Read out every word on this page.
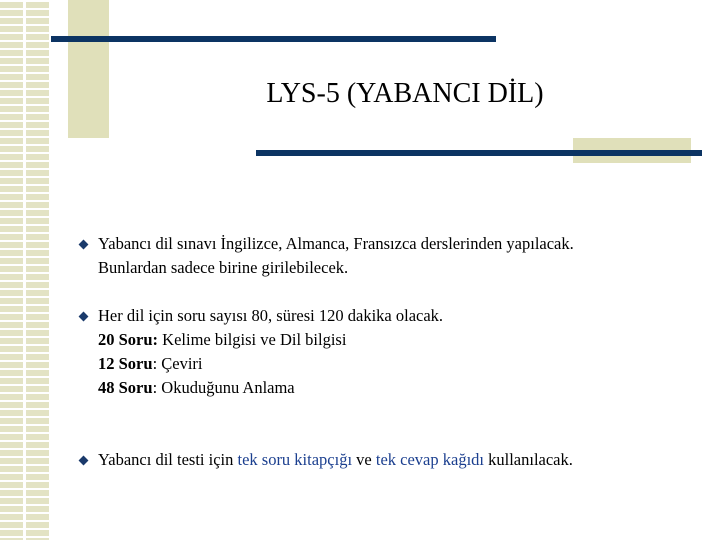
LYS-5 (YABANCI DİL)
Yabancı dil sınavı İngilizce, Almanca, Fransızca derslerinden yapılacak.
Bunlardan sadece birine girilebilecek.
Her dil için soru sayısı 80, süresi 120 dakika olacak.
20 Soru: Kelime bilgisi ve Dil bilgisi
12 Soru: Çeviri
48 Soru: Okuduğunu Anlama
Yabancı dil testi için tek soru kitapçığı ve tek cevap kağıdı kullanılacak.
